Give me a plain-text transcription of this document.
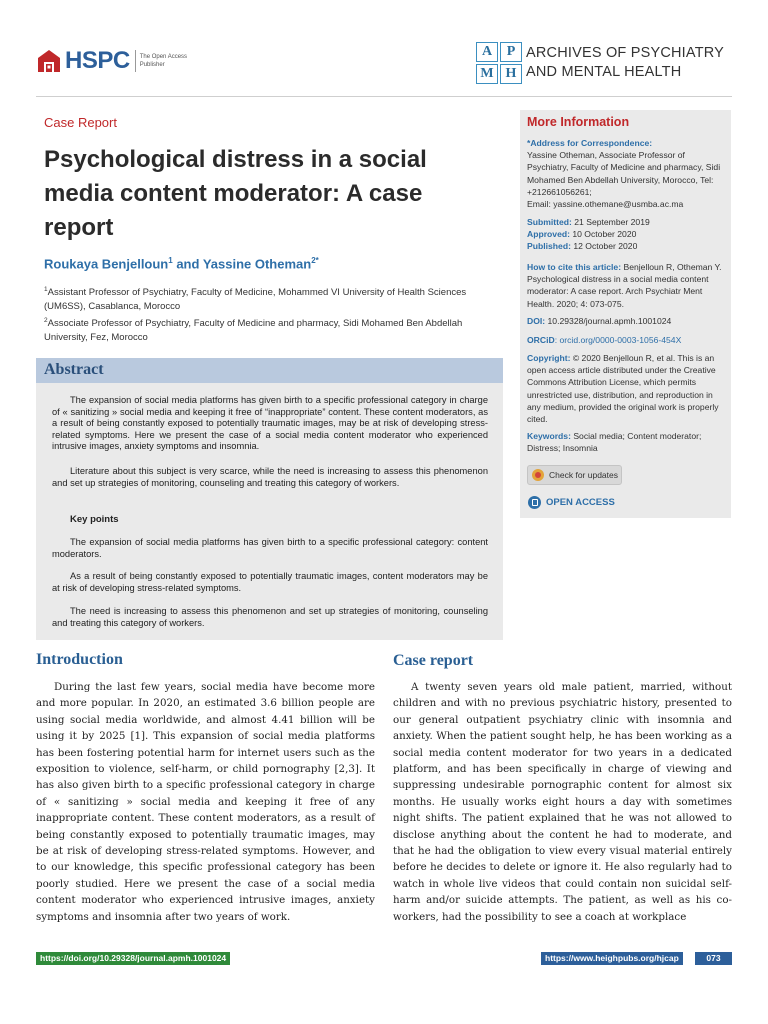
HSPC The Open Access
Publisher
A	P
M H
ARCHIVES OF PSYCHIATRY
AND MENTAL HEALTH
Case Report
Psychological distress in a social media content moderator: A case report
Roukaya Benjelloun$^1$ and Yassine Otheman$^{2*}$
$^1$Assistant Professor of Psychiatry, Faculty of Medicine, Mohammed VI University of Health Sciences (UM6SS), Casablanca, Morocco
$^2$Associate Professor of Psychiatry, Faculty of Medicine and pharmacy, Sidi Mohamed Ben Abdellah University, Fez, Morocco
Abstract

The expansion of social media platforms has given birth to a specific professional category in charge of « sanitizing » social media and keeping it free of “inappropriate” content. These content moderators, as a result of being constantly exposed to potentially traumatic images, may be at risk of developing stress-related symptoms. Here we present the case of a social media content moderator who experienced intrusive images, anxiety symptoms and insomnia.

Literature about this subject is very scarce, while the need is increasing to assess this phenomenon and set up strategies of monitoring, counseling and treating this category of workers.

Key points

The expansion of social media platforms has given birth to a specific professional category: content moderators.

As a result of being constantly exposed to potentially traumatic images, content moderators may be at risk of developing stress-related symptoms.

The need is increasing to assess this phenomenon and set up strategies of monitoring, counseling and treating this category of workers.

More Information
*Address for Correspondence:
Yassine Otheman, Associate Professor of Psychiatry, Faculty of Medicine and pharmacy, Sidi Mohamed Ben Abdellah University, Morocco, Tel: +212661056261;
Email: yassine.othemane@usmba.ac.ma
Submitted: 21 September 2019
Approved: 10 October 2020
Published: 12 October 2020
How to cite this article: Benjelloun R, Otheman Y. Psychological distress in a social media content moderator: A case report. Arch Psychiatr Ment Health. 2020; 4: 073-075.
DOI: 10.29328/journal.apmh.1001024
ORCiD: orcid.org/0000-0003-1056-454X
Copyright: © 2020 Benjelloun R, et al. This is an open access article distributed under the Creative Commons Attribution License, which permits unrestricted use, distribution, and reproduction in any medium, provided the original work is properly cited.
Keywords: Social media; Content moderator; Distress; Insomnia
Check for updates
OPEN ACCESS
Introduction

During the last few years, social media have become more and more popular. In 2020, an estimated 3.6 billion people are using social media worldwide, and almost 4.41 billion will be using it by 2025 [1]. This expansion of social media platforms has been fostering potential harm for internet users such as the exposition to violence, self-harm, or child pornography [2,3]. It has also given birth to a specific professional category in charge of « sanitizing » social media and keeping it free of any inappropriate content. These content moderators, as a result of being constantly exposed to potentially traumatic images, may be at risk of developing stress-related symptoms. However, and to our knowledge, this specific professional category has been poorly studied. Here we present the case of a social media content moderator who experienced intrusive images, anxiety symptoms and insomnia after two years of work.

Case report

A twenty seven years old male patient, married, without children and with no previous psychiatric history, presented to our general outpatient psychiatry clinic with insomnia and anxiety. When the patient sought help, he has been working as a social media content moderator for two years in a dedicated platform, and has been specifically in charge of viewing and suppressing undesirable pornographic content for almost six months. He usually works eight hours a day with sometimes night shifts. The patient explained that he was not allowed to disclose anything about the content he had to moderate, and that he had the obligation to view every visual material entirely before he decides to delete or ignore it. He also regularly had to watch in whole live videos that could contain non suicidal self-harm and/or suicide attempts. The patient, as well as his co-workers, had the possibility to see a coach at workplace

https://doi.org/10.29328/journal.apmh.1001024	https://www.heighpubs.org/hjcap	073
